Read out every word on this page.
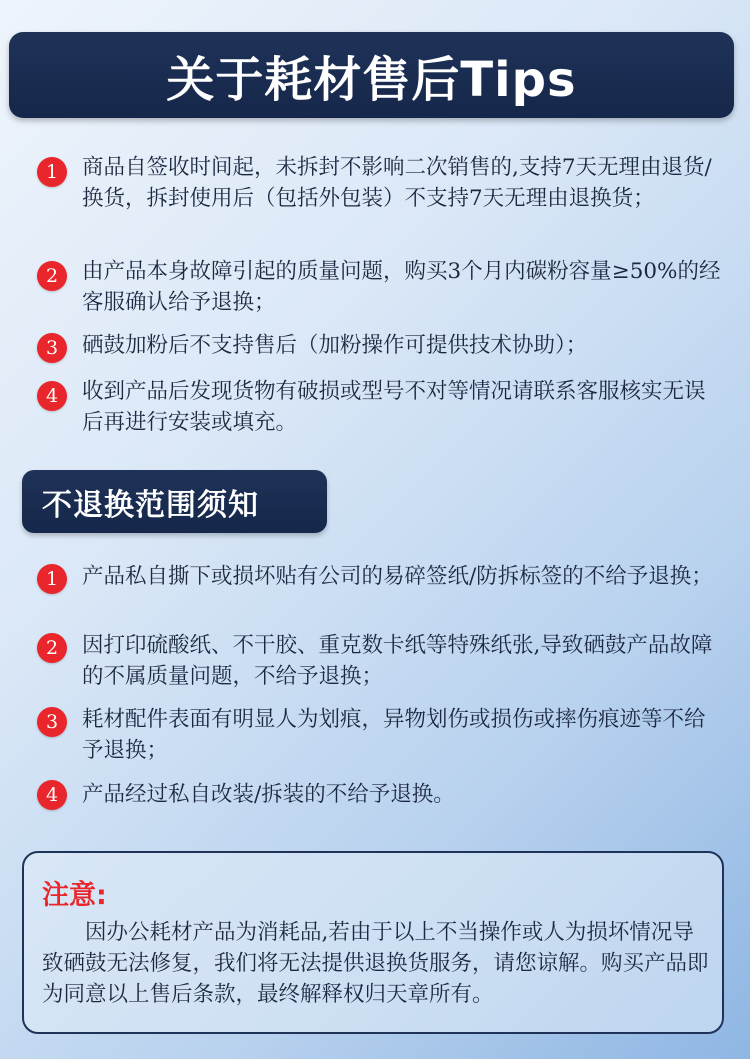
关于耗材售后Tips
1	商品自签收时间起，未拆封不影响二次销售的,支持7天无理由退货/换货，拆封使用后（包括外包装）不支持7天无理由退换货；
2	由产品本身故障引起的质量问题，购买3个月内碳粉容量≥50%的经客服确认给予退换；
3	硒鼓加粉后不支持售后（加粉操作可提供技术协助）；
4	收到产品后发现货物有破损或型号不对等情况请联系客服核实无误后再进行安装或填充。
不退换范围须知
1	产品私自撕下或损坏贴有公司的易碎签纸/防拆标签的不给予退换；
2	因打印硫酸纸、不干胶、重克数卡纸等特殊纸张,导致硒鼓产品故障的不属质量问题，不给予退换；
3	耗材配件表面有明显人为划痕，异物划伤或损伤或摔伤痕迹等不给予退换；
4	产品经过私自改装/拆装的不给予退换。
注意:
因办公耗材产品为消耗品,若由于以上不当操作或人为损坏情况导致硒鼓无法修复，我们将无法提供退换货服务，请您谅解。购买产品即为同意以上售后条款，最终解释权归天章所有。
